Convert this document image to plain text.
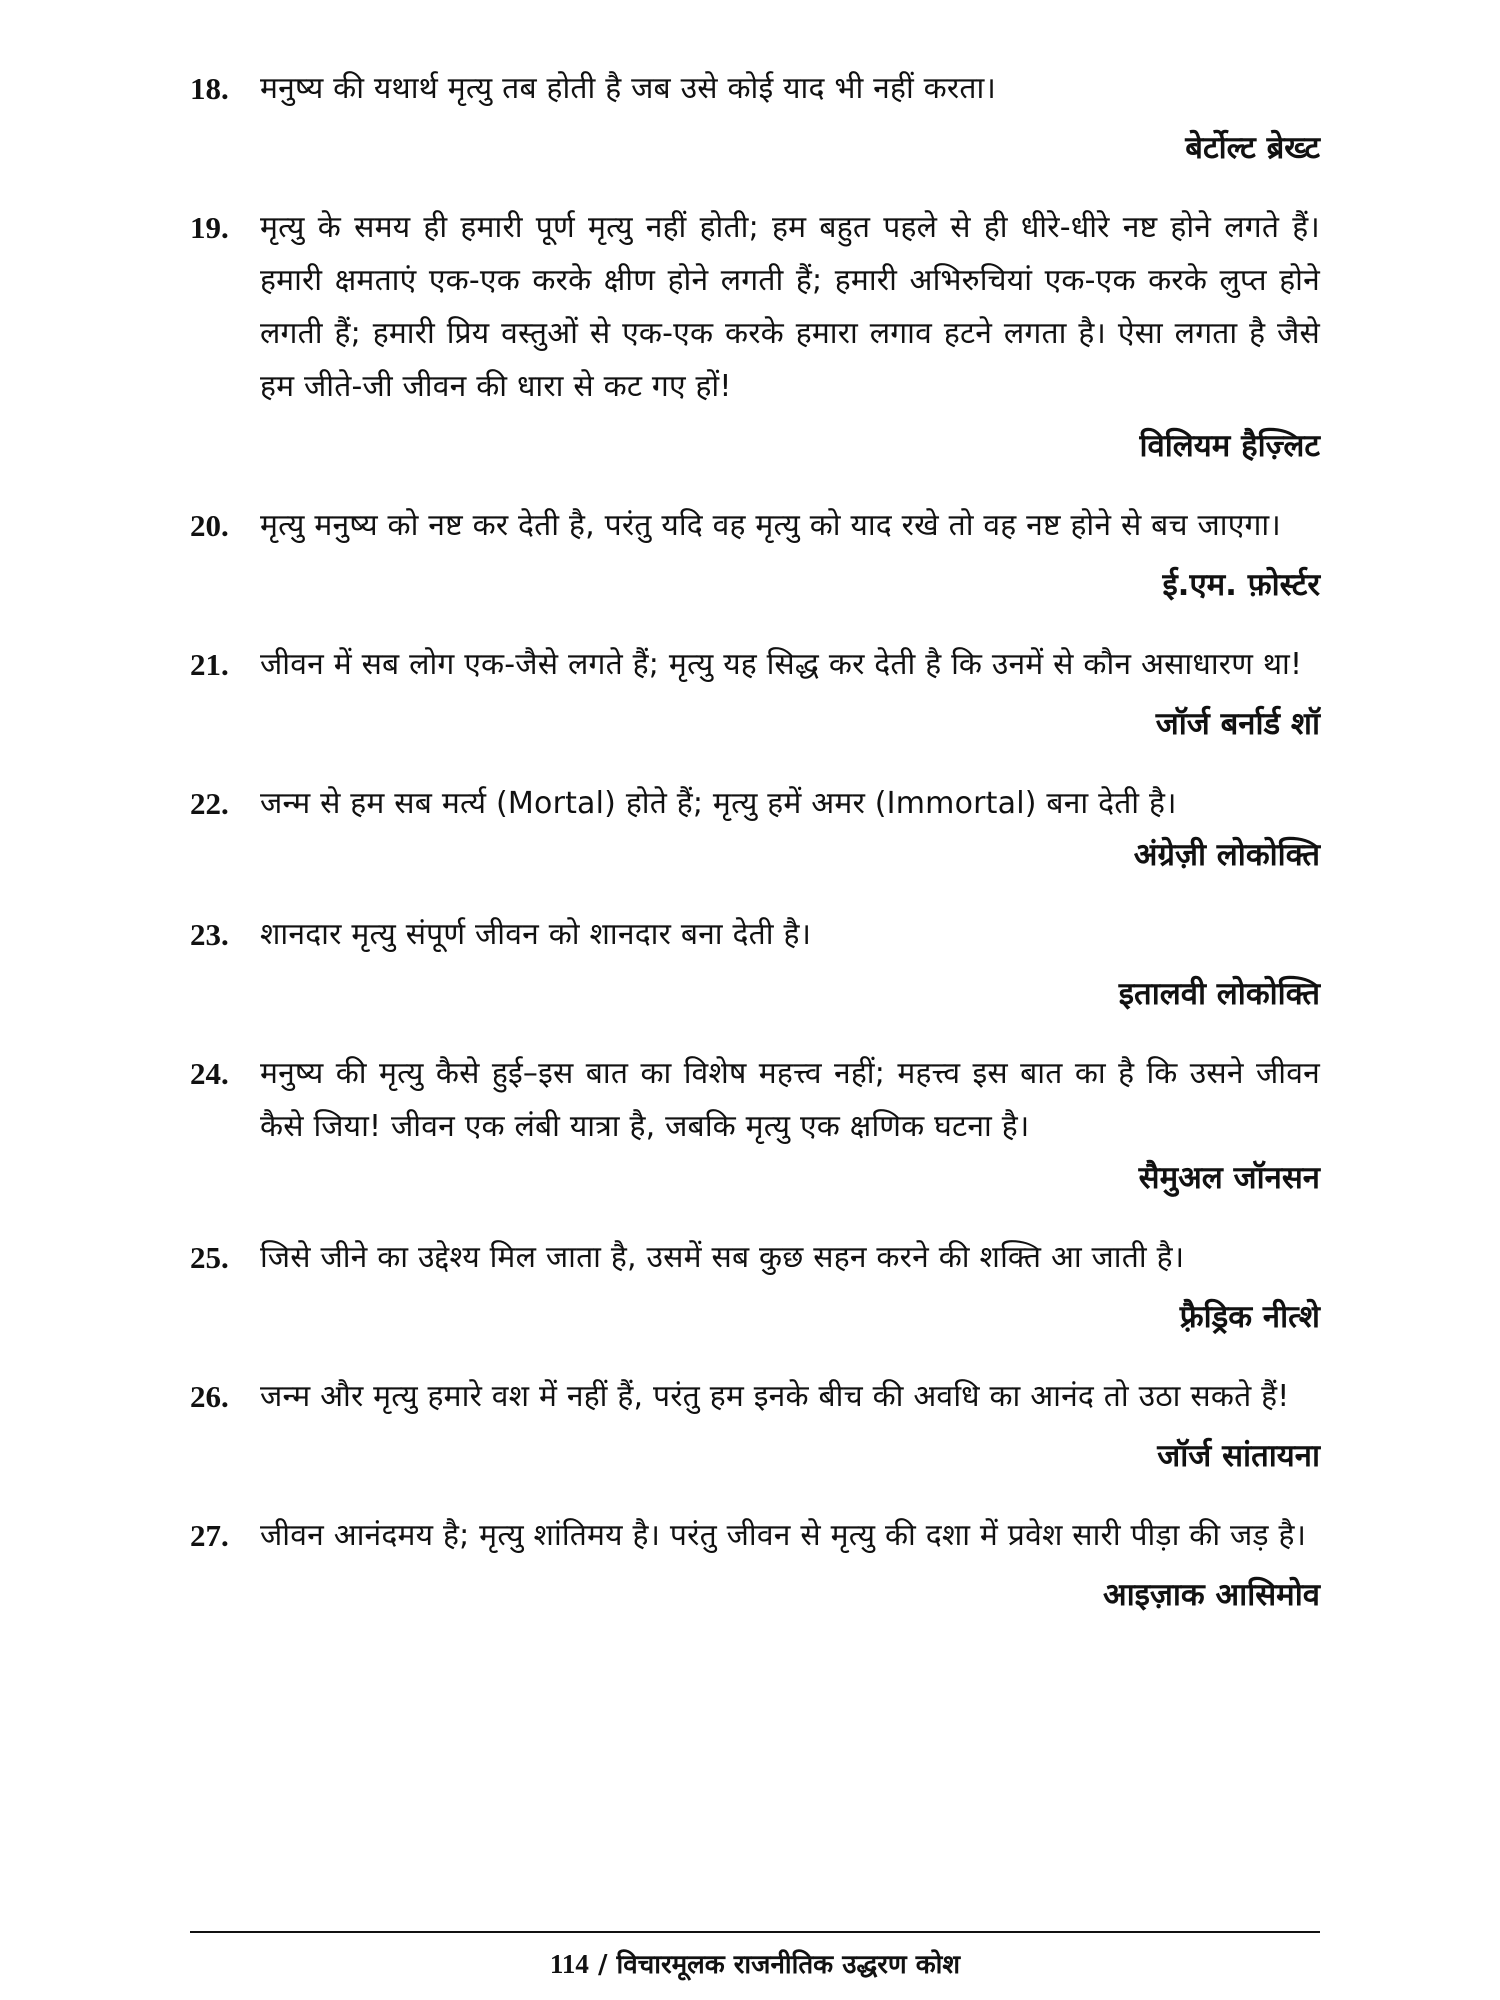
18.	मनुष्य की यथार्थ मृत्यु तब होती है जब उसे कोई याद भी नहीं करता।
बेर्टोल्ट ब्रेख्ट
19.	मृत्यु के समय ही हमारी पूर्ण मृत्यु नहीं होती; हम बहुत पहले से ही धीरे-धीरे नष्ट होने लगते हैं। हमारी क्षमताएं एक-एक करके क्षीण होने लगती हैं; हमारी अभिरुचियां एक-एक करके लुप्त होने लगती हैं; हमारी प्रिय वस्तुओं से एक-एक करके हमारा लगाव हटने लगता है। ऐसा लगता है जैसे हम जीते-जी जीवन की धारा से कट गए हों!
विलियम हैज़्लिट
20.	मृत्यु मनुष्य को नष्ट कर देती है, परंतु यदि वह मृत्यु को याद रखे तो वह नष्ट होने से बच जाएगा।
ई.एम. फ़ोर्स्टर
21.	जीवन में सब लोग एक-जैसे लगते हैं; मृत्यु यह सिद्ध कर देती है कि उनमें से कौन असाधारण था!
जॉर्ज बर्नार्ड शॉ
22.	जन्म से हम सब मर्त्य (Mortal) होते हैं; मृत्यु हमें अमर (Immortal) बना देती है।
अंग्रेज़ी लोकोक्ति
23.	शानदार मृत्यु संपूर्ण जीवन को शानदार बना देती है।
इतालवी लोकोक्ति
24.	मनुष्य की मृत्यु कैसे हुई–इस बात का विशेष महत्त्व नहीं; महत्त्व इस बात का है कि उसने जीवन कैसे जिया! जीवन एक लंबी यात्रा है, जबकि मृत्यु एक क्षणिक घटना है।
सैमुअल जॉनसन
25.	जिसे जीने का उद्देश्य मिल जाता है, उसमें सब कुछ सहन करने की शक्ति आ जाती है।
फ़्रैड्रिक नीत्शे
26.	जन्म और मृत्यु हमारे वश में नहीं हैं, परंतु हम इनके बीच की अवधि का आनंद तो उठा सकते हैं!
जॉर्ज सांतायना
27.	जीवन आनंदमय है; मृत्यु शांतिमय है। परंतु जीवन से मृत्यु की दशा में प्रवेश सारी पीड़ा की जड़ है।
आइज़ाक आसिमोव
114 / विचारमूलक राजनीतिक उद्धरण कोश
